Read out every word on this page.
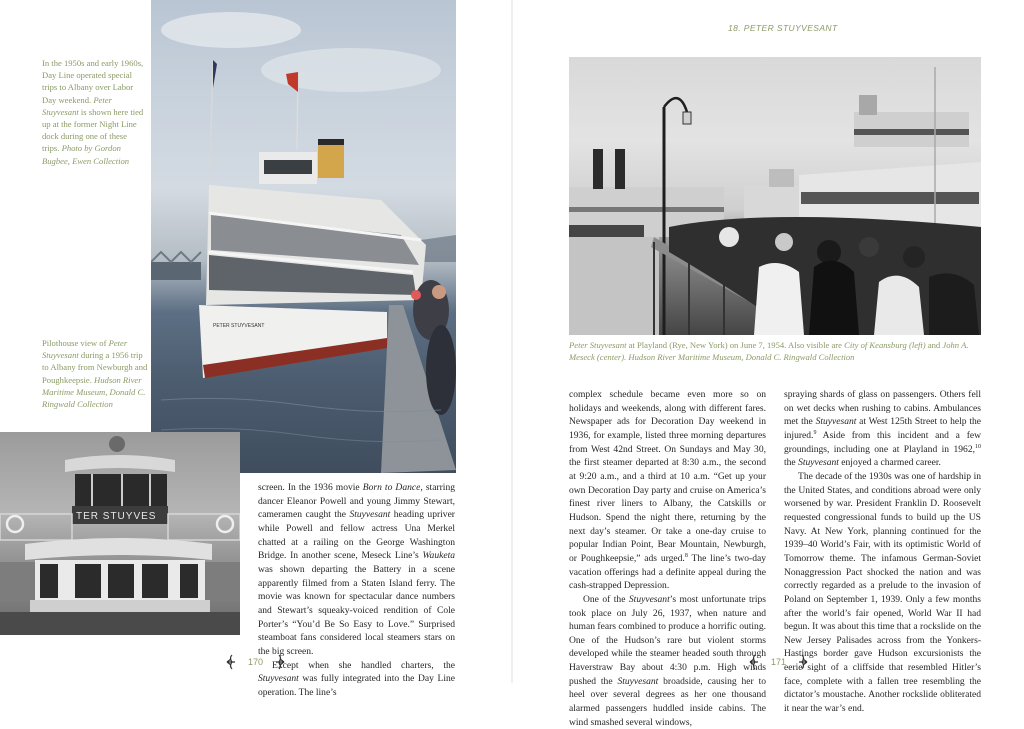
In the 1950s and early 1960s, Day Line operated special trips to Albany over Labor Day weekend. Peter Stuyvesant is shown here tied up at the former Night Line dock during one of these trips. Photo by Gordon Bugbee, Ewen Collection
PETER STUYVESANT
Pilothouse view of Peter Stuyvesant during a 1956 trip to Albany from Newburgh and Poughkeepsie. Hudson River Maritime Museum, Donald C. Ringwald Collection
TER STUYVES

screen. In the 1936 movie Born to Dance, starring dancer Eleanor Powell and young Jimmy Stewart, cameramen caught the Stuyvesant heading upriver while Powell and fellow actress Una Merkel chatted at a railing on the George Washington Bridge. In another scene, Meseck Line’s Wauketa was shown departing the Battery in a scene apparently filmed from a Staten Island ferry. The movie was known for spectacular dance numbers and Stewart’s squeaky-voiced rendition of Cole Porter’s “You’d Be So Easy to Love.” Surprised steamboat fans considered local steamers stars on the big screen.

Except when she handled charters, the Stuyvesant was fully integrated into the Day Line operation. The line’s

170
18. PETER STUYVESANT
Peter Stuyvesant at Playland (Rye, New York) on June 7, 1954. Also visible are City of Keansburg (left) and John A. Meseck (center). Hudson River Maritime Museum, Donald C. Ringwald Collection

complex schedule became even more so on holidays and weekends, along with different fares. Newspaper ads for Decoration Day weekend in 1936, for example, listed three morning departures from West 42nd Street. On Sundays and May 30, the first steamer departed at 8:30 a.m., the second at 9:20 a.m., and a third at 10 a.m. “Get up your own Decoration Day party and cruise on America’s finest river liners to Albany, the Catskills or Hudson. Spend the night there, returning by the next day’s steamer. Or take a one-day cruise to popular Indian Point, Bear Mountain, Newburgh, or Poughkeepsie,” ads urged.$^8$ The line’s two-day vacation offerings had a definite appeal during the cash-strapped Depression.

One of the Stuyvesant’s most unfortunate trips took place on July 26, 1937, when nature and human fears combined to produce a horrific outing. One of the Hudson’s rare but violent storms developed while the steamer headed south through Haverstraw Bay about 4:30 p.m. High winds pushed the Stuyvesant broadside, causing her to heel over several degrees as her one thousand alarmed passengers huddled inside cabins. The wind smashed several windows,

spraying shards of glass on passengers. Others fell on wet decks when rushing to cabins. Ambulances met the Stuyvesant at West 125th Street to help the injured.$^9$ Aside from this incident and a few groundings, including one at Playland in 1962,10 the Stuyvesant enjoyed a charmed career.

The decade of the 1930s was one of hardship in the United States, and conditions abroad were only worsened by war. President Franklin D. Roosevelt requested congressional funds to build up the US Navy. At New York, planning continued for the 1939–40 World’s Fair, with its optimistic World of Tomorrow theme. The infamous German-Soviet Nonaggression Pact shocked the nation and was correctly regarded as a prelude to the invasion of Poland on September 1, 1939. Only a few months after the world’s fair opened, World War II had begun. It was about this time that a rockslide on the New Jersey Palisades across from the Yonkers-Hastings border gave Hudson excursionists the eerie sight of a cliffside that resembled Hitler’s face, complete with a fallen tree resembling the dictator’s moustache. Another rockslide obliterated it near the war’s end.

171
